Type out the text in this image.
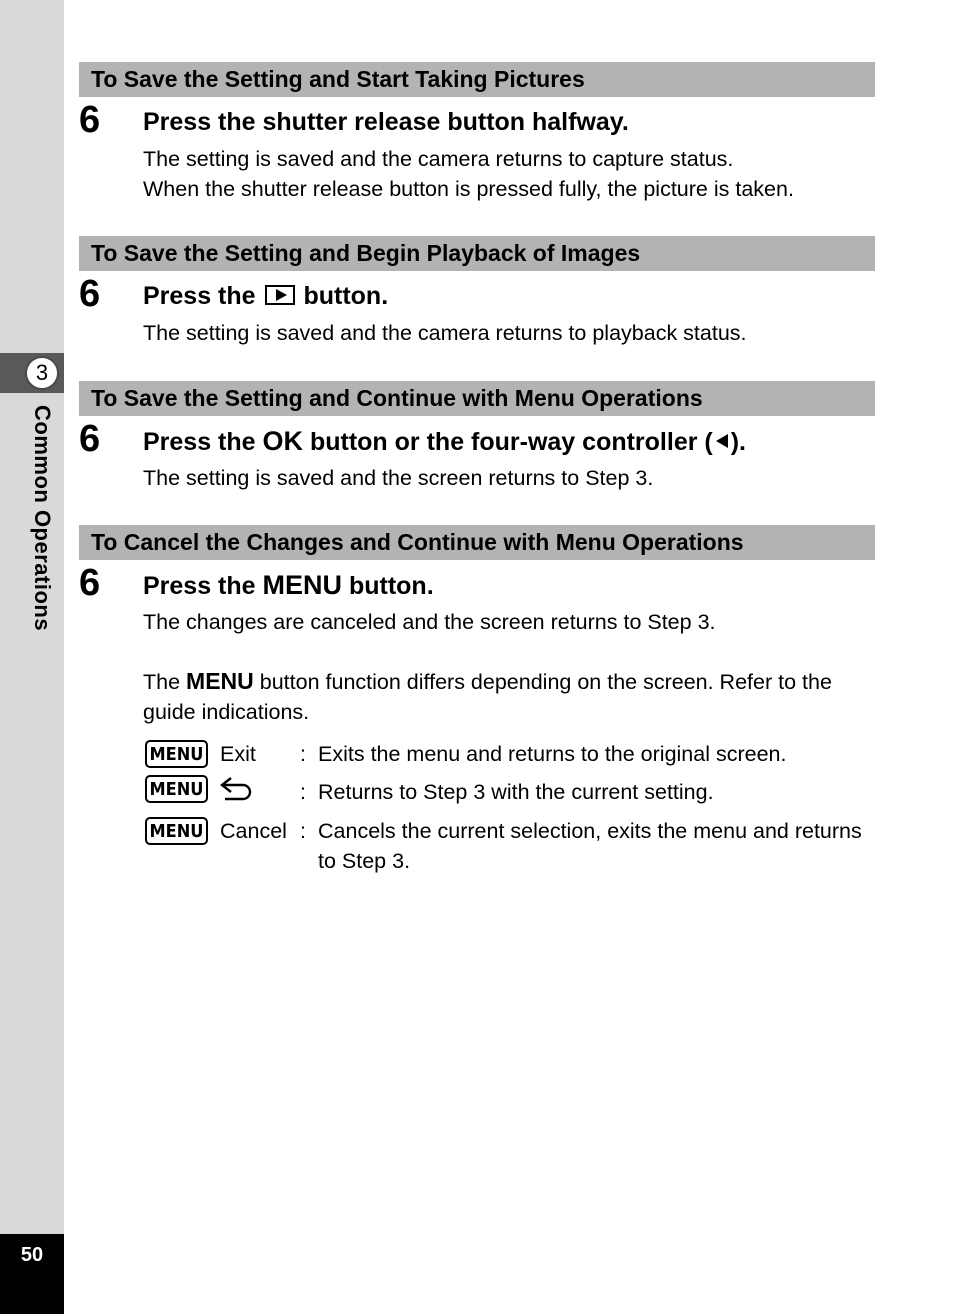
3
Common Operations
50
To Save the Setting and Start Taking Pictures
6 Press the shutter release button halfway.
The setting is saved and the camera returns to capture status.
When the shutter release button is pressed fully, the picture is taken.
To Save the Setting and Begin Playback of Images
6 Press the button.
The setting is saved and the camera returns to playback status.
To Save the Setting and Continue with Menu Operations
6 Press the OK button or the four-way controller ( ).
The setting is saved and the screen returns to Step 3.
To Cancel the Changes and Continue with Menu Operations
6 Press the MENU button.
The changes are canceled and the screen returns to Step 3.
The MENU button function differs depending on the screen. Refer to the guide indications.
MENU Exit : Exits the menu and returns to the original screen.
MENU	: Returns to Step 3 with the current setting.
MENU Cancel : Cancels the current selection, exits the menu and returns to Step 3.
